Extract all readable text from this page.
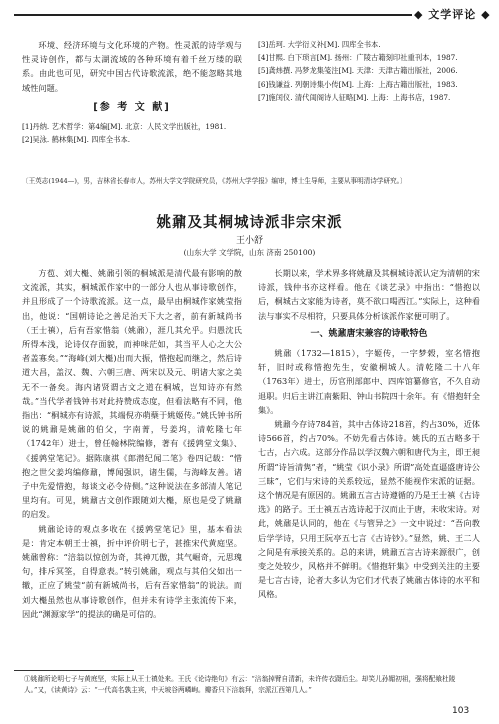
◆ 文学评论 ◆

环境、经济环境与文化环境的产物。性灵派的诗学观与性灵诗创作，都与太湖流域的各种环境有着千丝万缕的联系。由此也可见，研究中国古代诗歌流派，绝不能忽略其地域性问题。

[参 考 文 献]
[1]丹纳. 艺术哲学：第4编[M]. 北京：人民文学出版社，1981.
[2]吴泳. 鹤林集[M]. 四库全书本.
[3]岳珂. 大学衍义补[M]. 四库全书本.
[4]甘熙. 白下琐言[M]. 扬州：广陵古籍刻印社重刊本，1987.
[5]龚炜撰. 冯梦龙集笺注[M]. 天津：天津古籍出版社，2006.
[6]钱谦益. 列朝诗集小传[M]. 上海：上海古籍出版社，1983.
[7]施闰仪. 清代闺阁诗人征略[M]. 上海：上海书店，1987.
〔王英志(1944—)，男，吉林省长春市人，苏州大学文学院研究员，《苏州大学学报》编审，博士生导师，主要从事明清诗学研究。〕
姚鼐及其桐城诗派非宗宋派
王小舒
(山东大学 文学院，山东 济南 250100)

方苞、刘大櫆、姚鼐引领的桐城派是清代最有影响的散文流派，其实，桐城派作家中的一部分人也从事诗歌创作，并且形成了一个诗歌流派。这一点，最早由桐城作家姚莹指出，他说：“国朝诗论之善足治天下大之者，前有新城尚书（王士禛），后有吾家惜翁（姚鼐），涯几其允乎。归愚沈氏所得本浅，论诗仅存面貌，而神味茫如，其当平人心之大公者盖寡矣。”“海峰(刘大櫆)出而大振，惜抱起而继之，然后诗道大昌，盖汉、魏、六朝三唐、两宋以及元、明诸大家之美无不一备矣。海内诸贤谓古文之道在桐城，岂知诗亦有然哉。”当代学者钱钟书对此持赞成态度，但看法略有不同，他指出：“桐城亦有诗派，其端倪亦萌蘖于姚姬传。”姚氏钟书所说的姚鼐是姚鼐的伯父，字南菁，号姜坞，清乾隆七年（1742年）进士，曾任翰林院编修，著有《援鹑堂文集》、《援鹑堂笔记》。据陈康祺《郎潜纪闻二笔》卷四记载：“惜抱之世父姜坞编修鼐，博闻强识，诸生儒，与海峰友善。诸子中先爱惜抱，每谈文必令侍侧。”这种说法在多部清人笔记里均有。可见，姚鼐古文创作跟随刘大櫆，原也是受了姚鼐的启发。

姚鼐论诗的观点多收在《援鹑堂笔记》里，基本看法是：肯定本朝王士禛，折中评价明七子，甚推宋代黄庭坚。姚鼐曾称：“涪翁以惊创为奇，其神兀傲，其气崛奇，元思瑰句，排斥冥筌，自得意表。”转引姚鼐，观点与其伯父如出一辙，正应了姚莹“前有新城尚书，后有吾家惜翁”的说法。而刘大櫆虽然也从事诗歌创作，但并未有诗学主张流传下来，因此“渊源家学”的提法的确是可信的。

长期以来，学术界多将姚鼐及其桐城诗派认定为清朝的宋诗派，钱仲书亦这样看。他在《谈艺录》中指出：“惜抱以后，桐城古文家能为诗者，莫不欲口喝西江。”实际上，这种看法与事实不尽相符，只要具体分析该派作家便可明了。

一、姚鼐唐宋兼容的诗歌特色

姚鼐（1732—1815），字姬传，一字梦榖，室名惜抱轩，旧时或称惜抱先生，安徽桐城人。清乾隆二十八年（1763年）进士，历官刑部郎中、四库馆纂修官，不久自动退职。归后主讲江南紫阳、钟山书院四十余年。有《惜抱轩全集》。

姚鼐今存诗784首，其中古体诗218首，约占30%，近体诗566首，约占70%。不妨先看古体诗。姚氏的五古略多于七古，占六成。这部分作品以学汉魏六朝和唐代为主，即王昶所谓“诗旨清隽”者，“姚莹《识小录》所谓”高处直逼盛唐诗公三昧”，它们与宋诗的关系较远，显然不能视作宋派的证据。这个情况是有原因的。姚鼐五言古诗遵循的乃是王士禛《古诗选》的路子。王士禛五古选诗起于汉而止于唐，未收宋诗。对此，姚鼐是认同的，他在《与管异之》一文中说过：“吾向教后学学诗，只用王阮亭五七言《古诗钞》。”显然，姚、王二人之间是有承接关系的。总的来讲，姚鼐五言古诗来源很广，创变之处较少，风格并不鲜明。《惜抱轩集》中受到关注的主要是七言古诗，论者大多认为它们才代表了姚鼐古体诗的水平和风格。

①姚鼐所论明七子与黄庭坚，实际上从王士禛处来。王氏《论诗绝句》有云：“涪翁掉臂自清新，未许传衣蹑后尘。却笑儿孙媚初祖，强将配飨杜陵人。”又，《读黄诗》云：“一代高名孰主宾，中天坡谷两嶙峋。瓣香只下涪翁拜，宗派江西第几人。”
103
